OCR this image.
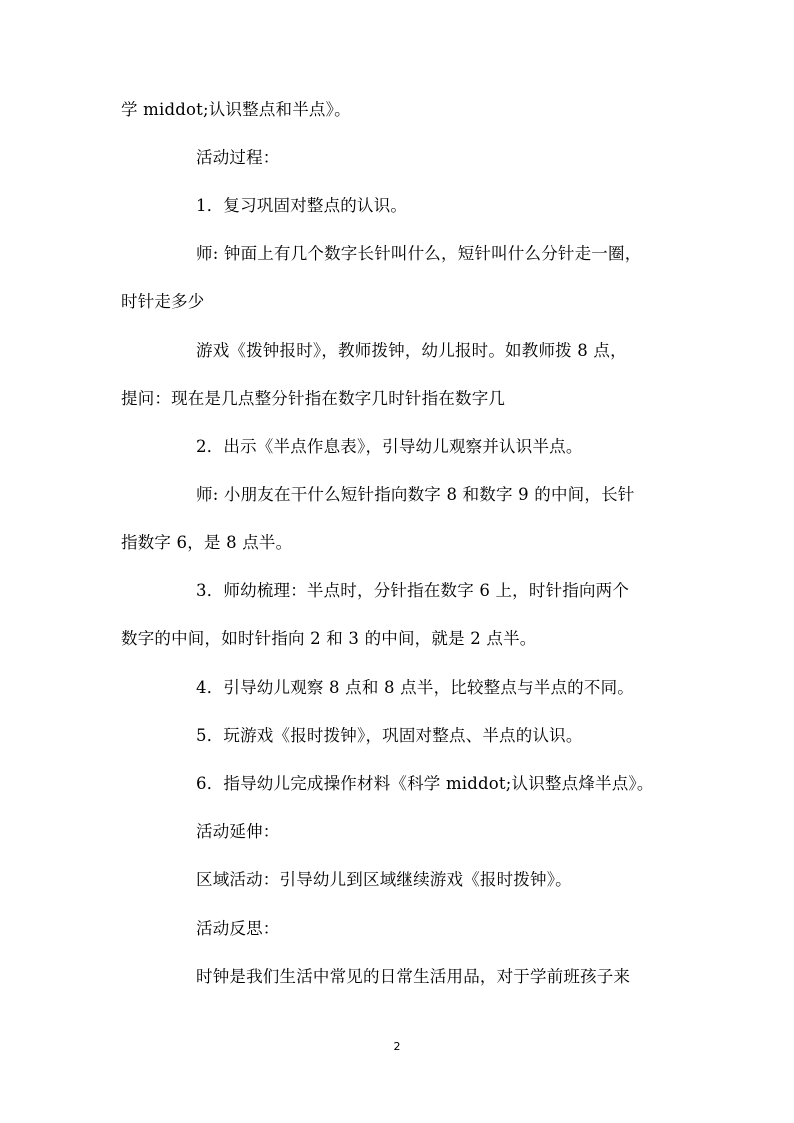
学 middot;认识整点和半点》。
活动过程：
1．复习巩固对整点的认识。
师: 钟面上有几个数字长针叫什么，短针叫什么分针走一圈，
时针走多少
游戏《拨钟报时》，教师拨钟，幼儿报时。如教师拨 8 点，
提问：现在是几点整分针指在数字几时针指在数字几
2．出示《半点作息表》，引导幼儿观察并认识半点。
师: 小朋友在干什么短针指向数字 8 和数字 9 的中间，长针
指数字 6，是 8 点半。
3．师幼梳理：半点时，分针指在数字 6 上，时针指向两个
数字的中间，如时针指向 2 和 3 的中间，就是 2 点半。
4．引导幼儿观察 8 点和 8 点半，比较整点与半点的不同。
5．玩游戏《报时拨钟》，巩固对整点、半点的认识。
6．指导幼儿完成操作材料《科学 middot;认识整点烽半点》。
活动延伸：
区域活动：引导幼儿到区域继续游戏《报时拨钟》。
活动反思：
时钟是我们生活中常见的日常生活用品，对于学前班孩子来
2
